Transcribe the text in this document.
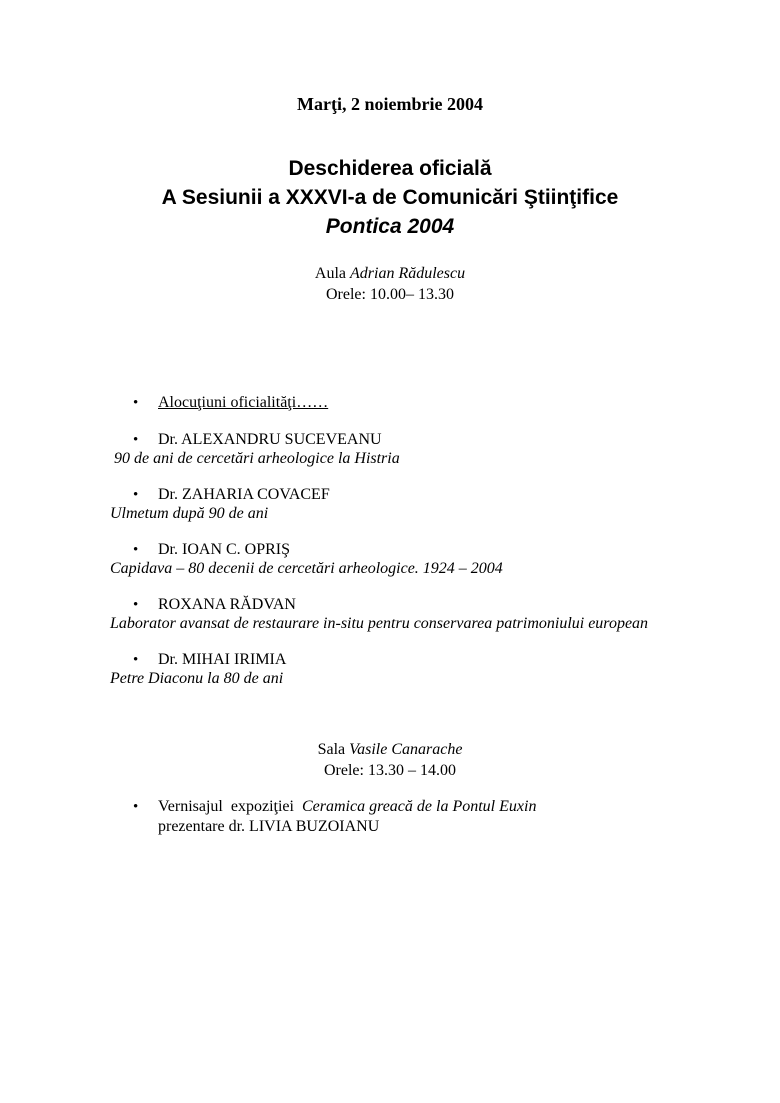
Marţi, 2 noiembrie 2004
Deschiderea oficială
A Sesiunii a XXXVI-a de Comunicări Ştiinţifice
Pontica 2004
Aula Adrian Rădulescu
Orele: 10.00– 13.30
• Alocuţiuni oficialităţi……
• Dr. ALEXANDRU SUCEVEANU
90 de ani de cercetări arheologice la Histria
• Dr. ZAHARIA COVACEF
Ulmetum după 90 de ani
• Dr. IOAN C. OPRIŞ
Capidava – 80 decenii de cercetări arheologice. 1924 – 2004
• ROXANA RĂDVAN
Laborator avansat de restaurare in-situ pentru conservarea patrimoniului european
• Dr. MIHAI IRIMIA
Petre Diaconu la 80 de ani
Sala Vasile Canarache
Orele: 13.30 – 14.00
• Vernisajul  expoziţiei  Ceramica greacă de la Pontul Euxin
prezentare dr. LIVIA BUZOIANU
